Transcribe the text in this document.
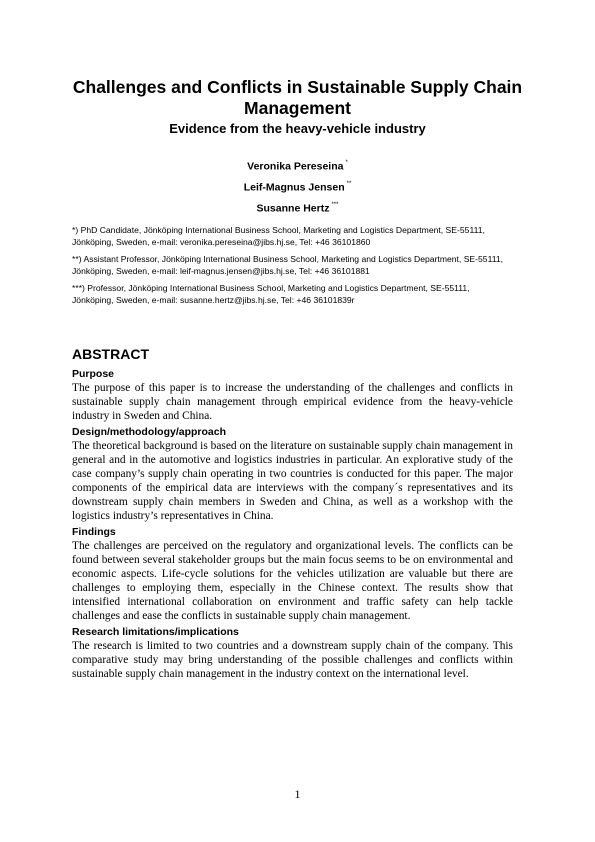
Challenges and Conflicts in Sustainable Supply Chain Management
Evidence from the heavy-vehicle industry
Veronika Pereseina *
Leif-Magnus Jensen **
Susanne Hertz ***

*) PhD Candidate, Jönköping International Business School, Marketing and Logistics Department, SE-55111, Jönköping, Sweden, e-mail: veronika.pereseina@jibs.hj.se, Tel: +46 36101860

**) Assistant Professor, Jönköping International Business School, Marketing and Logistics Department, SE-55111, Jönköping, Sweden, e-mail: leif-magnus.jensen@jibs.hj.se, Tel: +46 36101881

***) Professor, Jönköping International Business School, Marketing and Logistics Department, SE-55111, Jönköping, Sweden, e-mail: susanne.hertz@jibs.hj.se, Tel: +46 36101839r

ABSTRACT
Purpose

The purpose of this paper is to increase the understanding of the challenges and conflicts in sustainable supply chain management through empirical evidence from the heavy-vehicle industry in Sweden and China.

Design/methodology/approach

The theoretical background is based on the literature on sustainable supply chain management in general and in the automotive and logistics industries in particular. An explorative study of the case company’s supply chain operating in two countries is conducted for this paper. The major components of the empirical data are interviews with the company´s representatives and its downstream supply chain members in Sweden and China, as well as a workshop with the logistics industry’s representatives in China.

Findings

The challenges are perceived on the regulatory and organizational levels. The conflicts can be found between several stakeholder groups but the main focus seems to be on environmental and economic aspects. Life-cycle solutions for the vehicles utilization are valuable but there are challenges to employing them, especially in the Chinese context. The results show that intensified international collaboration on environment and traffic safety can help tackle challenges and ease the conflicts in sustainable supply chain management.

Research limitations/implications

The research is limited to two countries and a downstream supply chain of the company. This comparative study may bring understanding of the possible challenges and conflicts within sustainable supply chain management in the industry context on the international level.

1
